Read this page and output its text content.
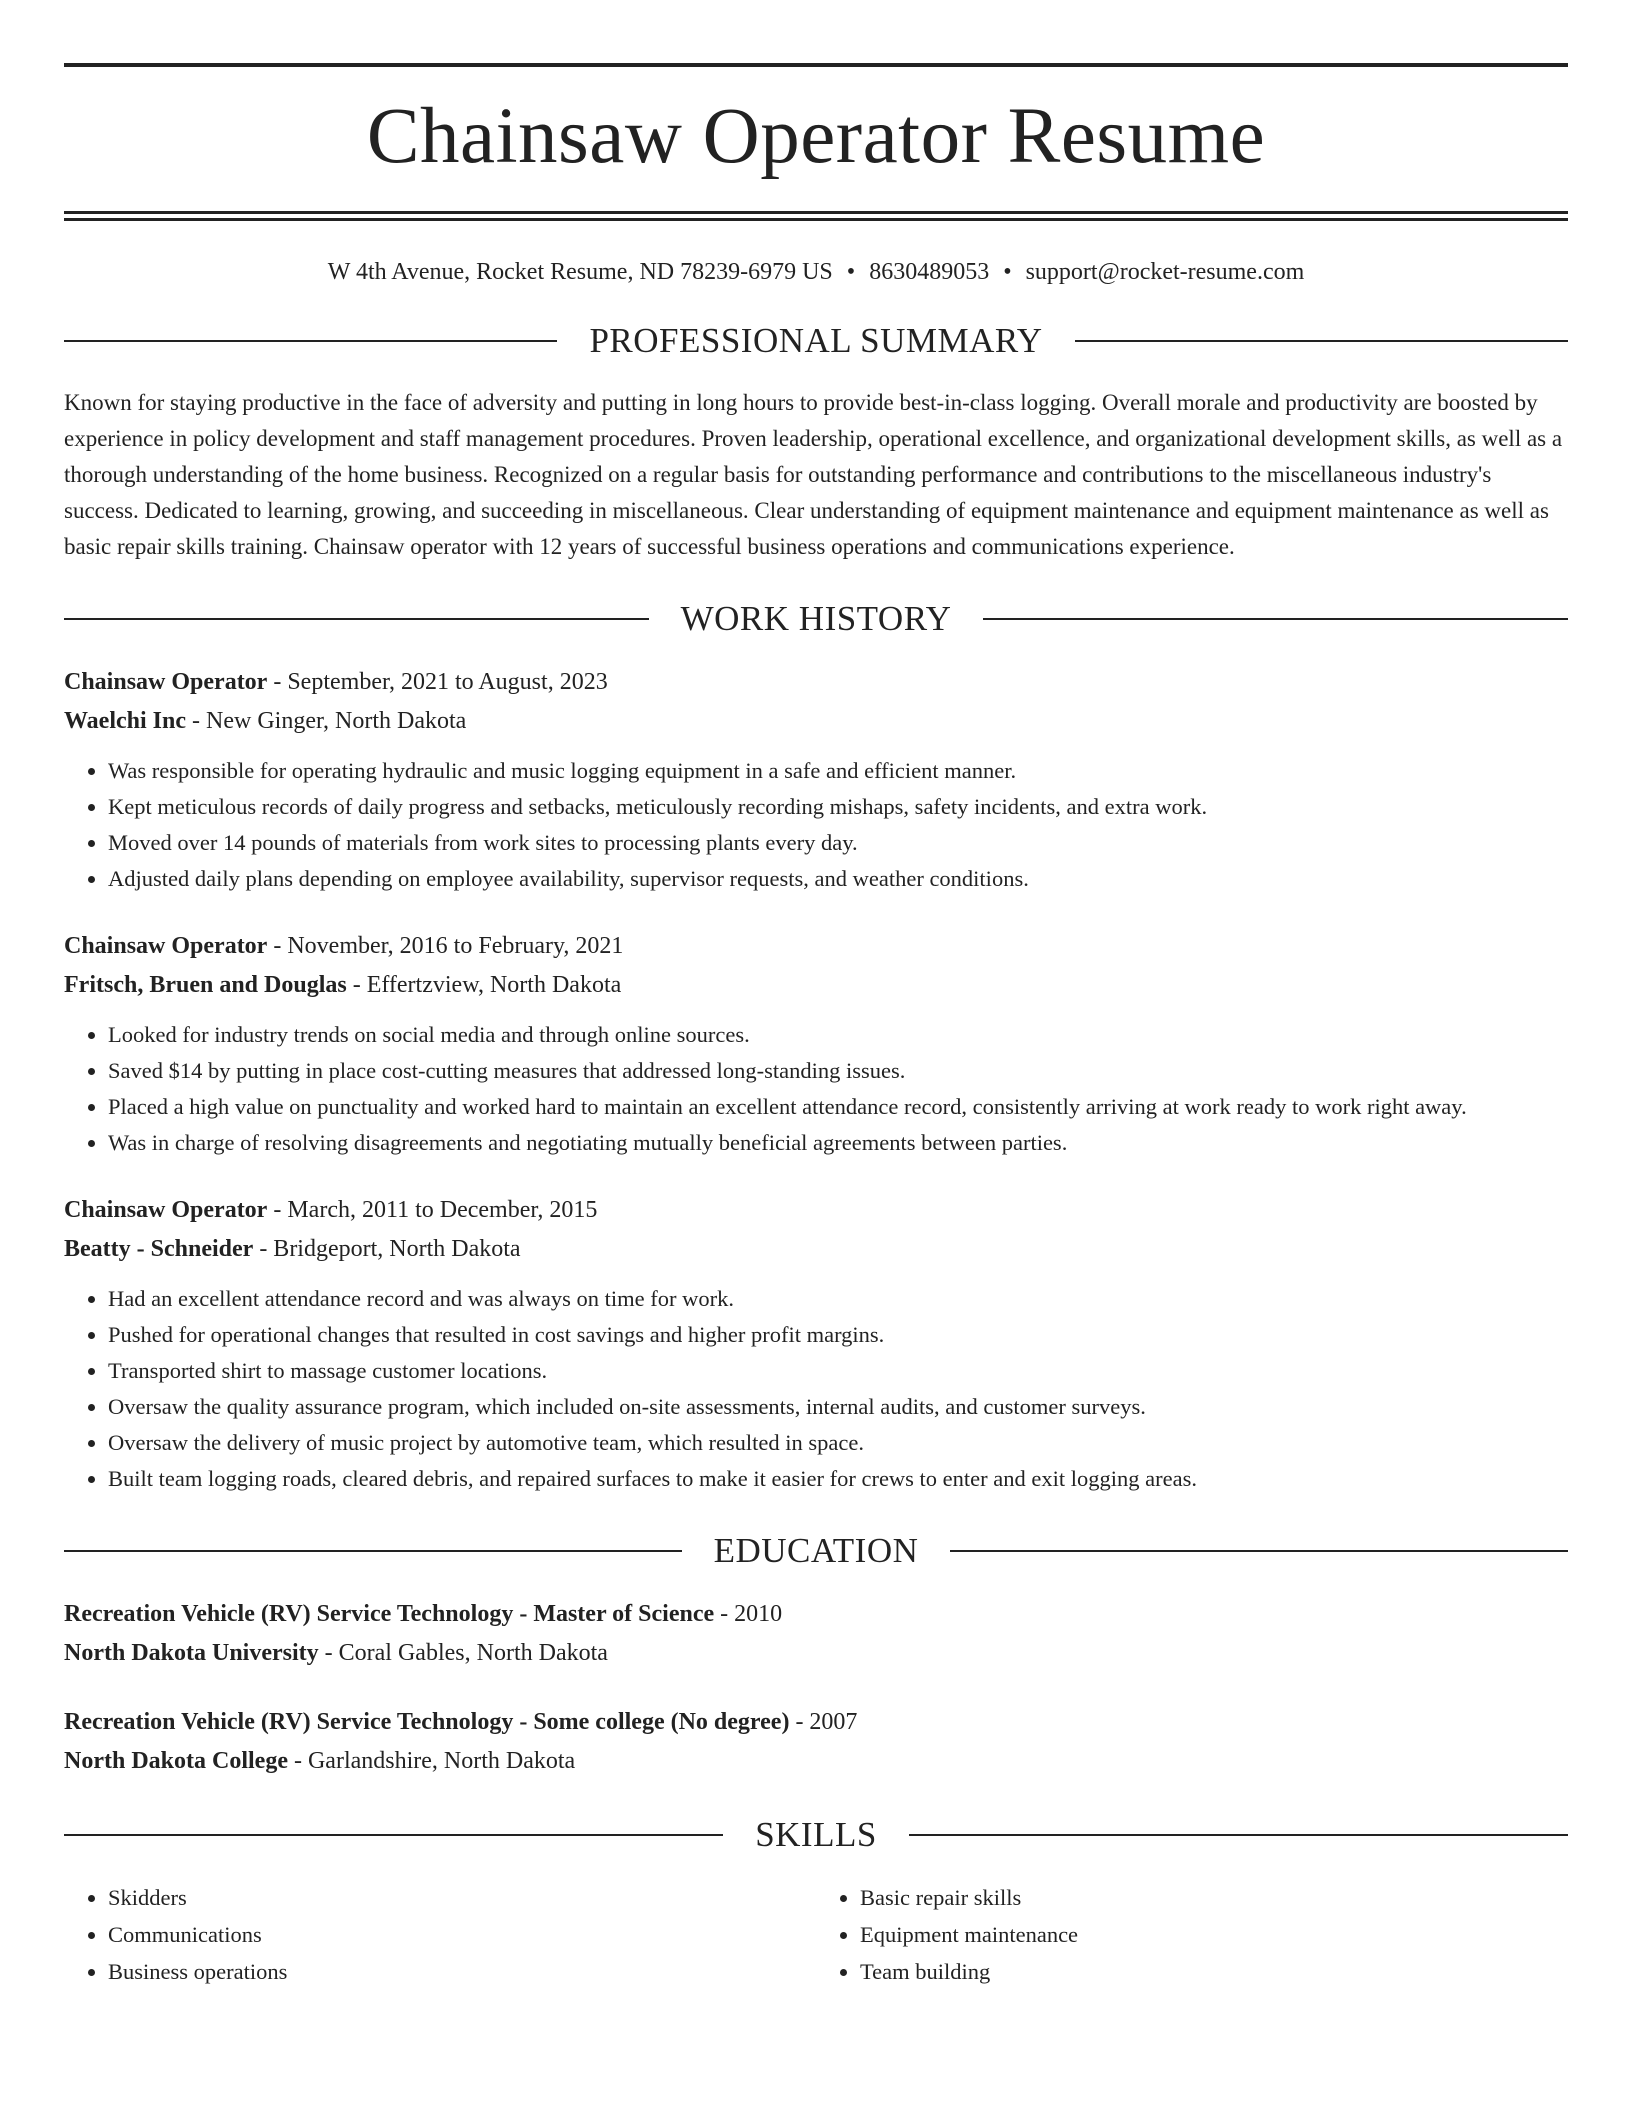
Chainsaw Operator Resume
W 4th Avenue, Rocket Resume, ND 78239-6979 US • 8630489053 • support@rocket-resume.com
PROFESSIONAL SUMMARY

Known for staying productive in the face of adversity and putting in long hours to provide best-in-class logging. Overall morale and productivity are boosted by experience in policy development and staff management procedures. Proven leadership, operational excellence, and organizational development skills, as well as a thorough understanding of the home business. Recognized on a regular basis for outstanding performance and contributions to the miscellaneous industry's success. Dedicated to learning, growing, and succeeding in miscellaneous. Clear understanding of equipment maintenance and equipment maintenance as well as basic repair skills training. Chainsaw operator with 12 years of successful business operations and communications experience.

WORK HISTORY
Chainsaw Operator - September, 2021 to August, 2023
Waelchi Inc - New Ginger, North Dakota
• Was responsible for operating hydraulic and music logging equipment in a safe and efficient manner.
• Kept meticulous records of daily progress and setbacks, meticulously recording mishaps, safety incidents, and extra work.
• Moved over 14 pounds of materials from work sites to processing plants every day.
• Adjusted daily plans depending on employee availability, supervisor requests, and weather conditions.
Chainsaw Operator - November, 2016 to February, 2021
Fritsch, Bruen and Douglas - Effertzview, North Dakota
• Looked for industry trends on social media and through online sources.
• Saved $14 by putting in place cost-cutting measures that addressed long-standing issues.
• Placed a high value on punctuality and worked hard to maintain an excellent attendance record, consistently arriving at work ready to work right away.
• Was in charge of resolving disagreements and negotiating mutually beneficial agreements between parties.
Chainsaw Operator - March, 2011 to December, 2015
Beatty - Schneider - Bridgeport, North Dakota
• Had an excellent attendance record and was always on time for work.
• Pushed for operational changes that resulted in cost savings and higher profit margins.
• Transported shirt to massage customer locations.
• Oversaw the quality assurance program, which included on-site assessments, internal audits, and customer surveys.
• Oversaw the delivery of music project by automotive team, which resulted in space.
• Built team logging roads, cleared debris, and repaired surfaces to make it easier for crews to enter and exit logging areas.
EDUCATION
Recreation Vehicle (RV) Service Technology - Master of Science - 2010
North Dakota University - Coral Gables, North Dakota
Recreation Vehicle (RV) Service Technology - Some college (No degree) - 2007
North Dakota College - Garlandshire, North Dakota
SKILLS
• Skidders
• Communications
• Business operations
• Basic repair skills
• Equipment maintenance
• Team building
